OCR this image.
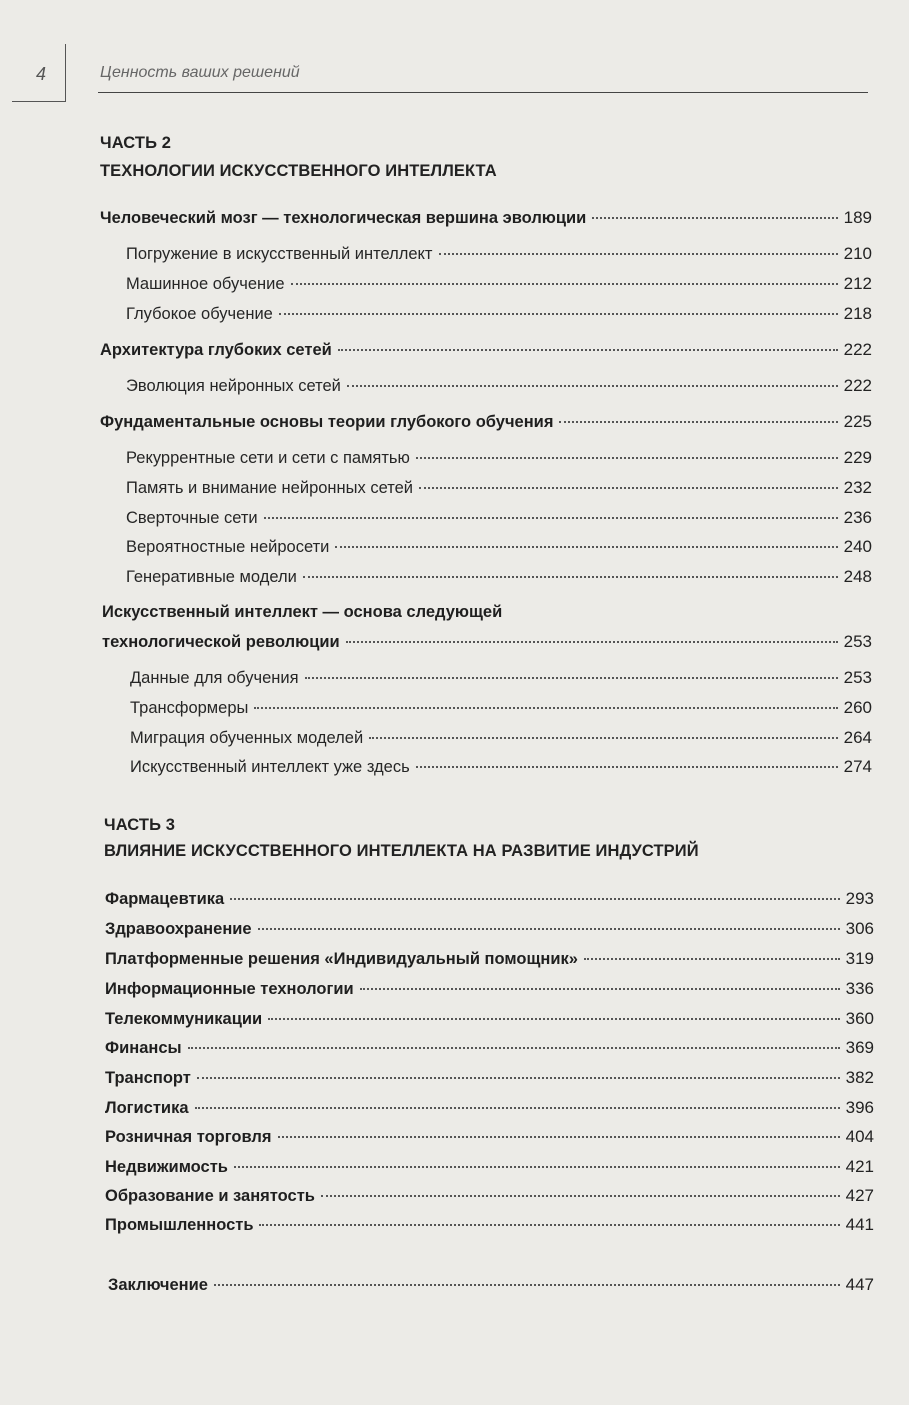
4	Ценность ваших решений
ЧАСТЬ 2
ТЕХНОЛОГИИ ИСКУССТВЕННОГО ИНТЕЛЛЕКТА
Человеческий мозг — технологическая вершина эволюции	189
Погружение в искусственный интеллект	210
Машинное обучение	212
Глубокое обучение	218
Архитектура глубоких сетей	222
Эволюция нейронных сетей	222
Фундаментальные основы теории глубокого обучения	225
Рекуррентные сети и сети с памятью	229
Память и внимание нейронных сетей	232
Сверточные сети	236
Вероятностные нейросети	240
Генеративные модели	248
Искусственный интеллект — основа следующей
технологической революции	253
Данные для обучения	253
Трансформеры	260
Миграция обученных моделей	264
Искусственный интеллект уже здесь	274
ЧАСТЬ 3
ВЛИЯНИЕ ИСКУССТВЕННОГО ИНТЕЛЛЕКТА НА РАЗВИТИЕ ИНДУСТРИЙ
Фармацевтика	293
Здравоохранение	306
Платформенные решения «Индивидуальный помощник»	319
Информационные технологии	336
Телекоммуникации	360
Финансы	369
Транспорт	382
Логистика	396
Розничная торговля	404
Недвижимость	421
Образование и занятость	427
Промышленность	441
Заключение	447
